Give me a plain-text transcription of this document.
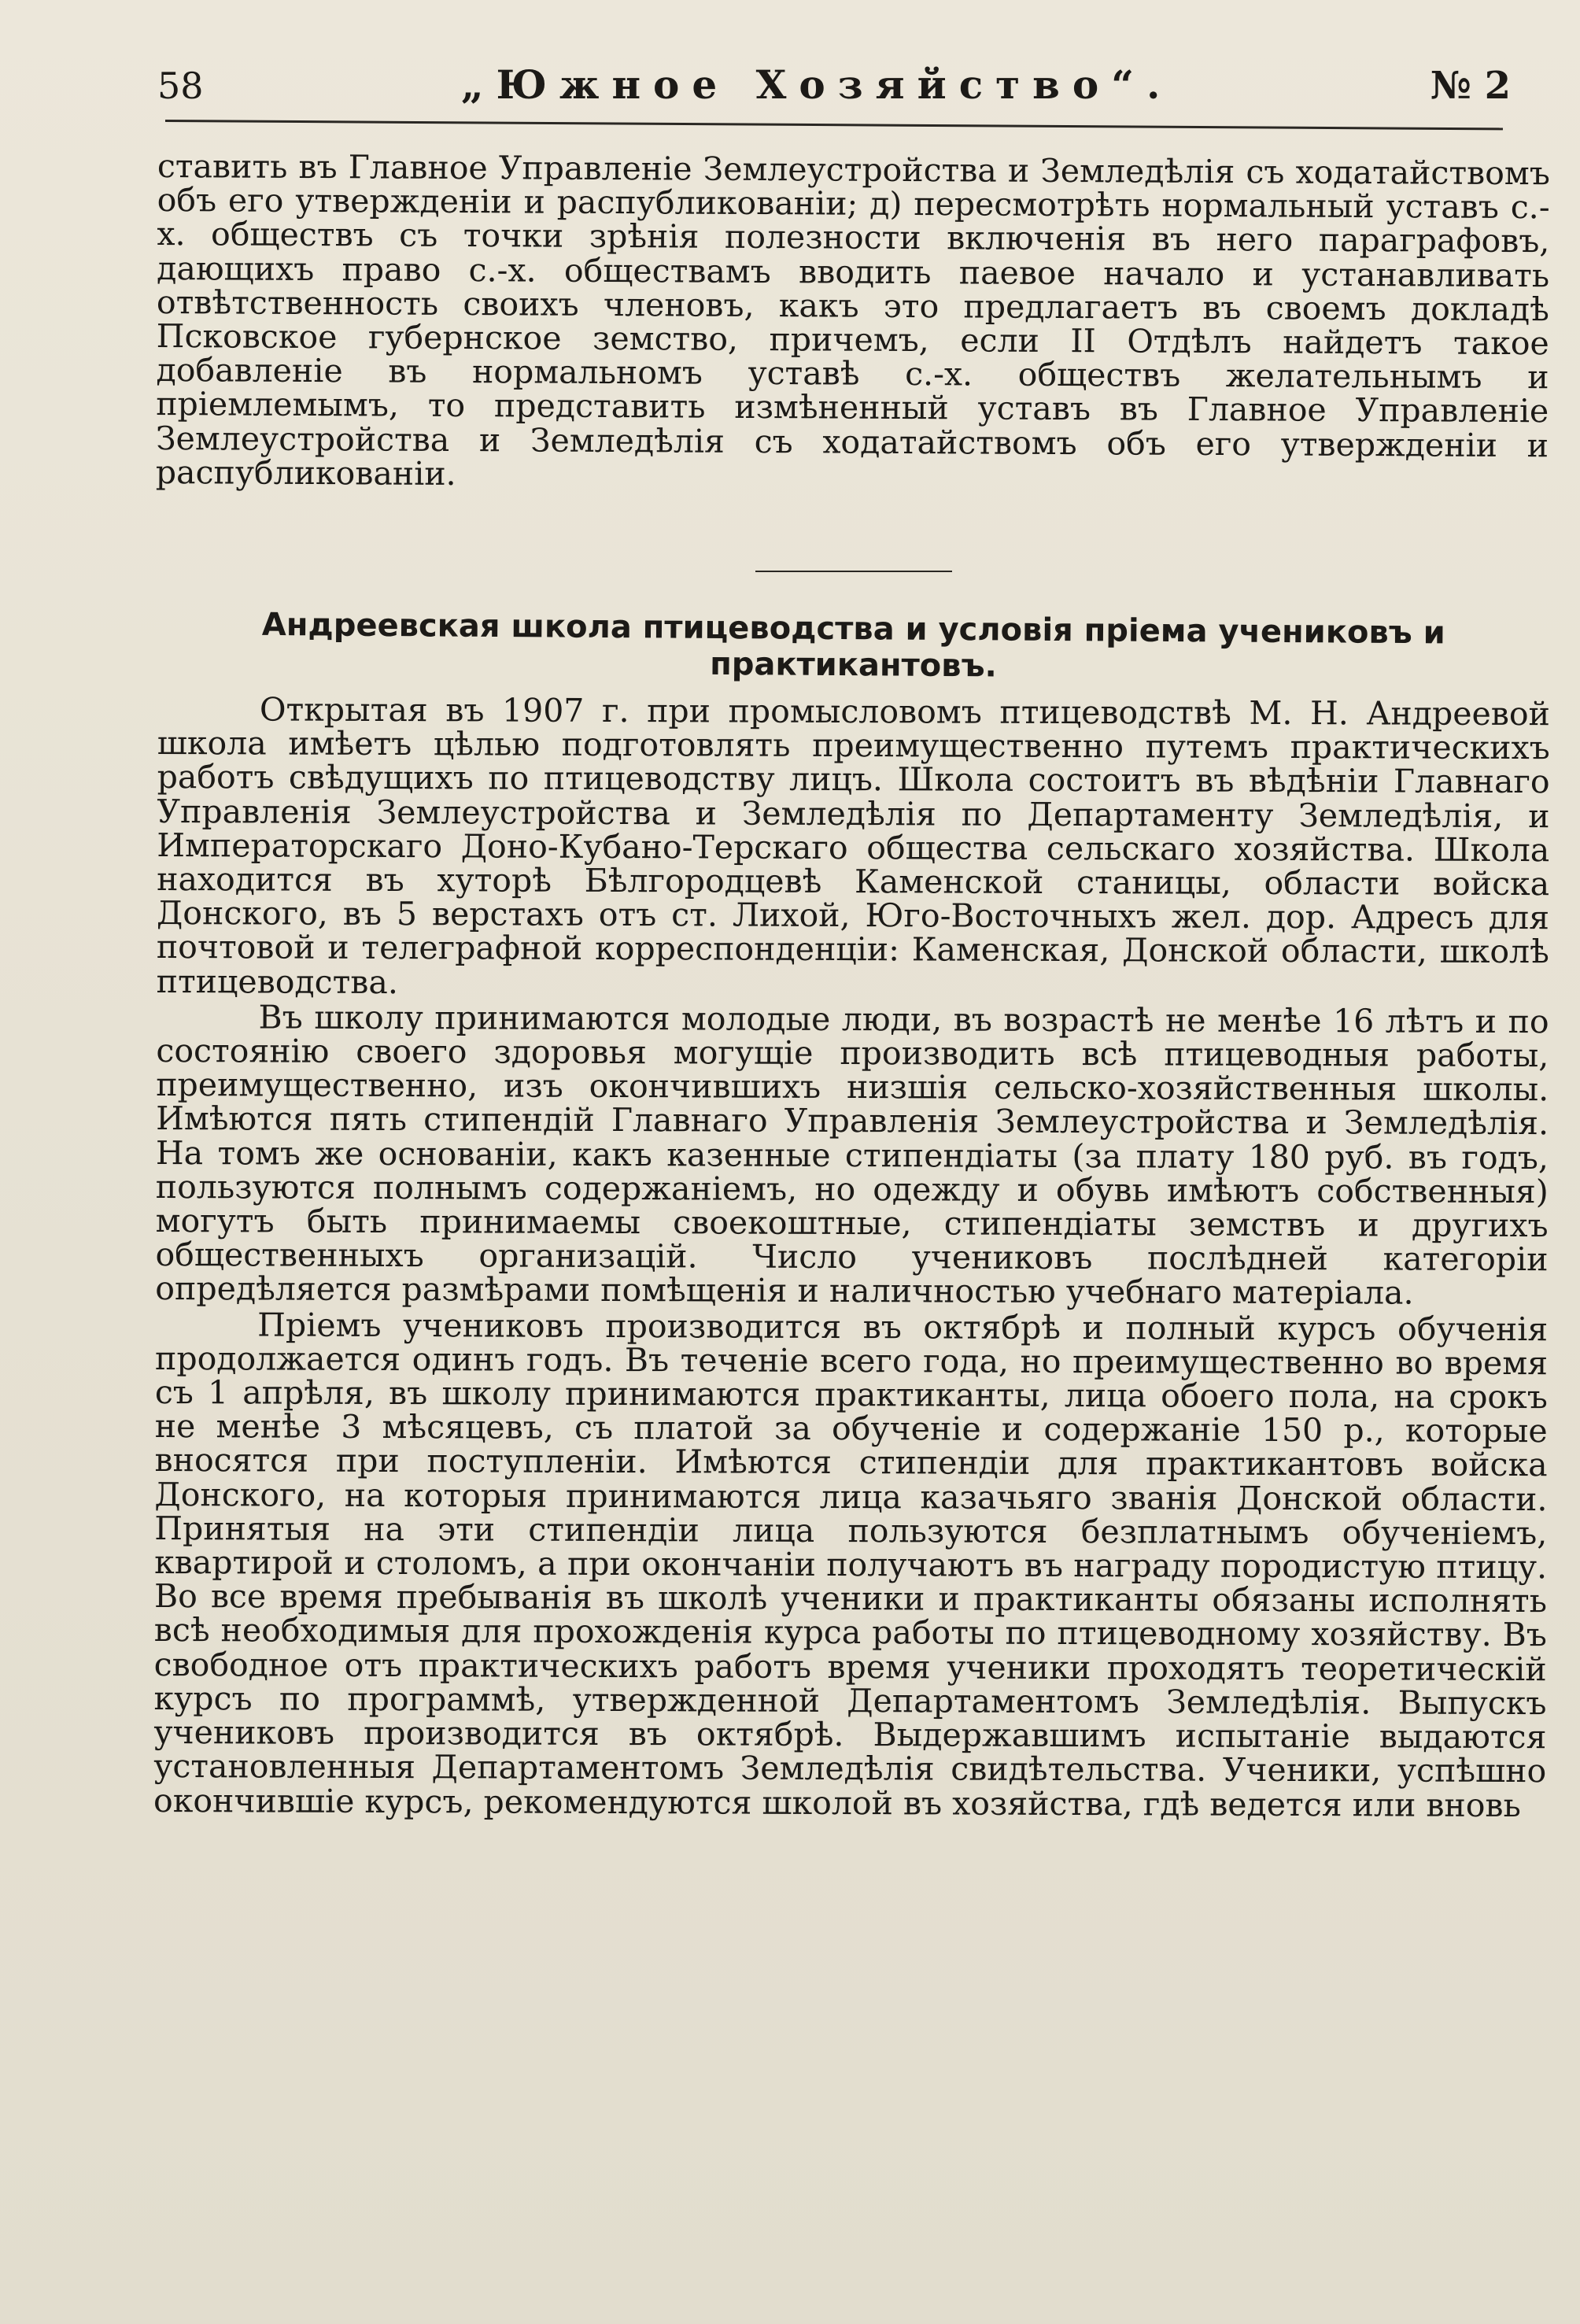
58	„Южное Хозяйство“.	№ 2

ставить въ Главное Управленіе Землеустройства и Земледѣлія съ ходатайствомъ объ его утвержденіи и распубликованіи; д) пересмотрѣть нормальный уставъ с.-х. обществъ съ точки зрѣнія полезности включенія въ него параграфовъ, дающихъ право с.-х. обществамъ вводить паевое начало и устанавливать отвѣтственность своихъ членовъ, какъ это предлагаетъ въ своемъ докладѣ Псковское губернское земство, причемъ, если II Отдѣлъ найдетъ такое добавленіе въ нормальномъ уставѣ с.-х. обществъ желательнымъ и пріемлемымъ, то представить измѣненный уставъ въ Главное Управленіе Землеустройства и Земледѣлія съ ходатайствомъ объ его утвержденіи и распубликованіи.

Андреевская школа птицеводства и условія пріема учениковъ и практикантовъ.

Открытая въ 1907 г. при промысловомъ птицеводствѣ М. Н. Андреевой школа имѣетъ цѣлью подготовлять преимущественно путемъ практическихъ работъ свѣдущихъ по птицеводству лицъ. Школа состоитъ въ вѣдѣніи Главнаго Управленія Землеустройства и Земледѣлія по Департаменту Земледѣлія, и Императорскаго Доно-Кубано-Терскаго общества сельскаго хозяйства. Школа находится въ хуторѣ Бѣлгородцевѣ Каменской станицы, области войска Донского, въ 5 верстахъ отъ ст. Лихой, Юго-Восточныхъ жел. дор. Адресъ для почтовой и телеграфной корреспонденціи: Каменская, Донской области, школѣ птицеводства.

Въ школу принимаются молодые люди, въ возрастѣ не менѣе 16 лѣтъ и по состоянію своего здоровья могущіе производить всѣ птицеводныя работы, преимущественно, изъ окончившихъ низшія сельско-хозяйственныя школы. Имѣются пять стипендій Главнаго Управленія Землеустройства и Земледѣлія. На томъ же основаніи, какъ казенные стипендіаты (за плату 180 руб. въ годъ, пользуются полнымъ содержаніемъ, но одежду и обувь имѣютъ собственныя) могутъ быть принимаемы своекоштные, стипендіаты земствъ и другихъ общественныхъ организацій. Число учениковъ послѣдней категоріи опредѣляется размѣрами помѣщенія и наличностью учебнаго матеріала.

Пріемъ учениковъ производится въ октябрѣ и полный курсъ обученія продолжается одинъ годъ. Въ теченіе всего года, но преимущественно во время съ 1 апрѣля, въ школу принимаются практиканты, лица обоего пола, на срокъ не менѣе 3 мѣсяцевъ, съ платой за обученіе и содержаніе 150 р., которые вносятся при поступленіи. Имѣются стипендіи для практикантовъ войска Донского, на которыя принимаются лица казачьяго званія Донской области. Принятыя на эти стипендіи лица пользуются безплатнымъ обученіемъ, квартирой и столомъ, а при окончаніи получаютъ въ награду породистую птицу. Во все время пребыванія въ школѣ ученики и практиканты обязаны исполнять всѣ необходимыя для прохожденія курса работы по птицеводному хозяйству. Въ свободное отъ практическихъ работъ время ученики проходятъ теоретическій курсъ по программѣ, утвержденной Департаментомъ Земледѣлія. Выпускъ учениковъ производится въ октябрѣ. Выдержавшимъ испытаніе выдаются установленныя Департаментомъ Земледѣлія свидѣтельства. Ученики, успѣшно окончившіе курсъ, рекомендуются школой въ хозяйства, гдѣ ведется или вновь
